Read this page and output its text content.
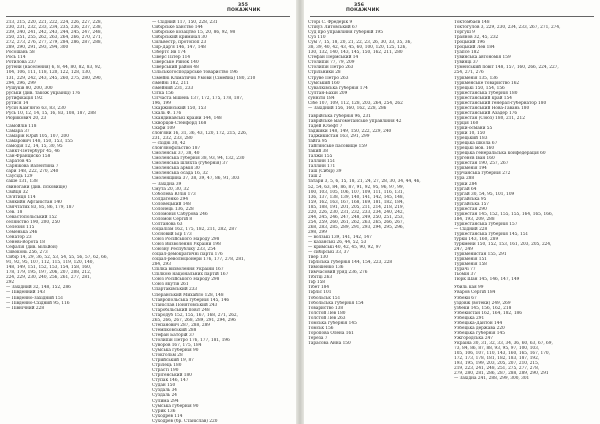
355
ПОКАЖЧИК
213, 215, 220, 221, 222, 224, 226, 227, 228,
230, 231, 232, 233, 234, 235, 236, 237, 238,
239, 240, 241, 242, 243, 244, 245, 247, 248,
250, 251, 255, 262, 263, 264, 266, 270, 271,
272, 273, 276, 277, 279, 284, 286, 287, 288,
289, 290, 291, 293, 294, 300
Росошань 58
Рось 114
Ротилова 237
рутени (населення) 6, 8, 44, 80, 82, 83, 92,
104, 106, 111, 118, 120, 122, 128, 130,
131, 229, 242, 243, 245, 260, 275, 280, 290,
294, 296, 299
Рушуків 80, 200, 300
руськи (див. також українці) 176
рутифікація 192
рутися 14
Русін Кам'ян'ю 63, 83, 230
Русь 10, 12, 14, 15, 16, 83, 108, 187, 288
Рюрикович 20, 23
Самойлів 118
Самара 37
Самарін Юрій 105, 107, 200
Самарович 148, 150, 153, 155
самодія 12, 14, 15, 30, 95
Санкт-Петербург 45, 46
Сан-Франциско 158
Саратов 45
Сарнікова Валентина 7
сари 148, 222, 270, 240
Саусідь 129
саше 131, 138
свиногани (див. псковище)
Свійця 32
Св'ятиця 114
Свякийн Афганістан 140
Свячтатих 83, 85, 86, 179, 187
Сев. 18
Севастопольський 152
селянство 190, 200, 250
Селезня 115
Семенька 246
Сенатор 23
Сеневі-Ворота 18
Сефалія (див. мільйон)
Сивоконь 256, 273
Сибір 14, 29, 36, 52, 53, 54, 55, 56, 57, 62, 66,
91, 92, 95, 107, 112, 115, 119, 120, 140,
148, 149, 151, 152, 153, 154, 158, 160,
178, 179, 195, 197, 206, 207, 208, 212,
224, 229, 230, 240, 256, 261, 277, 281,
292
— Західний 32, 148, 152, 286
— Південний 143
— Південно-Західний 151
— Південно-Східний 95, 116
— Північний 228
— Східний 117, 150, 228, 231
Сибірське ханство 144
Сибірське козацтво 15, 20, 86, 92, 98
Сибірський кримінал 30
Сильвестр, протопоп 23
Сир-Дар'я 146, 147, 148
Сібертс Яв 174
Сіверс Пітер 114
Сіверське Ринок 140
Сіверський район 48
Сільськогосподарське товариство 196
Сімейні Кліматичні Умови (Сімейна) 180, 210
сімейні 182, 211
сімейний 231, 233
Сітка 156
Сітчаста мішень 137, 172, 175, 178, 187,
196, 199
Скаржинський 150, 153
Скаль Ф. 176
Скандинавські країни 144, 148
Скворцов-Стенфорд 168
Скіфи 109
слов'яни 16, 31, 36, 43, 120, 172, 215, 226,
231, 232, 233, 280
— східні 30, 42
слов'янофільство 187
Смоленськ 37, 38, 40
Смоленська губернія 38, 93, 94, 132, 230
Смоленська шляхта (губернія) 37
Смоленська армія 30
Смоленська осада 16, 32
Смоленщина 37, 38, 39, 47, 86, 91, 303
— Західна 39
Смута 20, 30, 32
Соболева Юлія 173
Солдатенко 294
Соловецький 148
Солонець 136, 228
Соломонія Сабурова 246
Соломон Сергій 8
Солтанова 63
соціалізм 162, 175, 182, 211, 282, 287
Сосновий Бір 173
Союз Російського Народу 298
Союз Визволення України 198
Союзну Республіку 233, 254
соціал-демократичні партії 176
соціал-революціонери 176, 177, 278, 281,
284, 293
Спілка визволення України 167
Спілкою національних партій 167
Союз Російського Народу 298
Союз якутів 261
Спартаківський 233
Сперанський Михайло 128, 148
Ставропольська губернія 145, 146
Станіслав Понятовський 243
Старобільський повіт 248
Стародуб 152, 155, 167, 168, 271, 262,
265, 266, 267, 268, 289, 291, 294, 296
Степанович 287, 288, 289
Стемпковський 288
Стефан Баторій 37
Столипін Петро 176, 177, 181, 196
Суворов 167, 175, 184
Сумська губернія 90
Стокгольм 28
Стрийський 19, 87
Стрілець 180
Страсті 190
Стрітенський 180
Ступак 146, 147
Судан 150
Суздаль 34
Суздаль 24
Сулима 294
Сумська губернія 90
Сурик 136
Суходрев 114
Суходрев (бр. Станіслав) 220
356
ПОКАЖЧИК
Сторі С. Фредерік 9
Стінуз Литовський 67
Суд про управління губерній 195
Суз 110
Сум 7, 15, 18, 20, 21, 22, 23, 26, 30, 33, 35, 36,
38, 39, 40, 42, 43, 45, 60, 100, 120, 125, 126,
130, 132, 140, 143, 145, 150, 162, 211, 280
Стефан Пермський 14
Столипін 77, 79, 209
Столипін Петро 263
Стрільники 28
Струве Петро 263
Сумський 160
Сувалківська губернія 174
Султан-Бахін 209
сунніти 184
Сібе 107, 109, 112, 128, 203, 264, 254, 262
— Західний 156, 160, 162, 228, 286
Таврійська губернія 96, 231
Таврійське магометанське управління 42
Тадей Юзефт 7
таджики 148, 149, 150, 222, 229, 240
Таджикистан 163, 291, 299
тайга 95
Тайгинське пасовище 159
такий 38
Талжи 155
Таллінн 151
Таллінн 171
Таш (Сибір) 39
Таш 2
татари 3, 5, 6, 15, 18, 21, 24, 27, 28, 30, 34, 44, 46,
52, 54, 63, 84, 86, 87, 91, 92, 95, 96, 97, 99,
100, 103, 105, 106, 107, 109, 111, 116, 131,
136, 137, 138, 139, 140, 141, 142, 145, 148,
159, 162, 163, 167, 168, 169, 181, 182, 184,
185, 188, 191, 201, 205, 211, 214, 218, 219,
220, 226, 230, 231, 232, 233, 234, 240, 242,
244, 245, 246, 247, 248, 249, 250, 251, 253,
254, 259, 260, 261, 262, 263, 265, 266, 267,
268, 283, 285, 289, 291, 293, 294, 295, 296,
298, 299
— волзькі 139, 141, 142, 147
— казанські 26, 44, 52, 53
— кримські 40, 42, 45, 90, 92, 97
— сибірські 33, 37
Твер 130
Тіфліська губернія 144, 154, 223, 228
Тимошенко 136
Тимчасовий уряд 236, 276
Тібітці 263
Тіф 158
Тібет 184
Тіфліс 101
Тобольськ 151
Тобольська губернія 154
Товариство 138
Толстой Лев 180
Толстой Лев 263
Томська губернія 145
Томськ 156
Торопова Олена 161
Тереза 7
Тарасова Анна 150
Токтомбаєв 148
Токтогулов 3, 229, 230, 234, 233, 267, 271, 274,
Торгуш 9
Траянов 32, 45, 232
Троцький 196
Троцький Лев 184
Туапсе 182
Тувинська автономія 159
Тувинці 37
Туменський повіт 148, 157, 160, 266, 224, 227,
254, 271, 276
Туркменія 135, 136
Туркменське товариство 162
Турецькі 150, 154, 156
Туркестанська губернія 180
Туркестанський край 154
Туркестанський генерал-губернатор 180
Туркестанський Нова-Гавань 180
Туркестанський Азадер 176
Туркестан (Союз) 180, 211, 212
Турція 160
Турки-османи 55
Турки 10, 150
Турецький 183
Турецька школа 67
Турецькі мов. 160
Турецька генеральська конфедерація 60
Тургенєв Іван 160
Туркестан 190, 257, 267
Туркменія 194
Турчанська губернія 272
Тура 288
Турки 284
Тургай 64
Тургай 30, 54, 95, 101, 109
Тургайська 95
Тургайська 157
Туркестан 290
Туркестан 145, 152, 155, 155, 164, 165, 166,
184, 193, 209, 288
Туркестанська губернія 157
— Східний 228
Туркестанська губернія 145, 151
турки 143, 160, 289
туркмени 150, 152, 153, 161, 203, 205, 224,
247, 249
Туркменистан 155, 291
Туркменія 151
Туркменія 158
Турачі 77
Тьомін 37
Тюрк Шан 145, 146, 147, 149
Убиль кая 99
Уваров Сергій 184
Узбеки 67
уздовж (вотеки) 249, 269
узбеки 145, 156, 162, 218
Узбекистан 162, 164, 182, 186
Узбецька 291
Узбецька-Дантон 144
Узбецька держава 220
Узбецька губернія 145
Ужгородська 247
Україна 30, 31, 32, 33, 34, 36, 60, 63, 67, 69,
73, 84, 86, 87, 88, 93, 95, 97, 100, 103,
105, 106, 107, 110, 143, 160, 165, 167, 170,
172, 173, 178, 181, 182, 183, 187, 192,
193, 195, 199, 203, 205, 207, 210, 215,
219, 223, 241, 248, 251, 275, 277, 278,
279, 280, 281, 286, 287, 288, 289, 290, 291
— Західна 241, 288, 299, 300, 301
